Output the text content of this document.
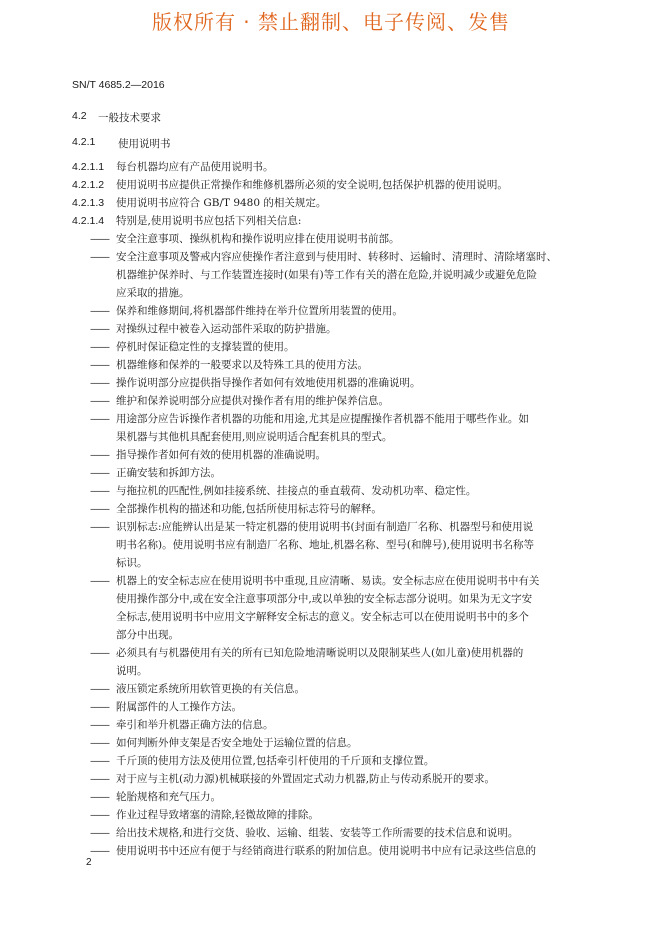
版权所有 · 禁止翻制、电子传阅、发售
SN/T 4685.2—2016
4.2	一般技术要求
4.2.1	使用说明书
4.2.1.1	每台机器均应有产品使用说明书。
4.2.1.2	使用说明书应提供正常操作和维修机器所必须的安全说明,包括保护机器的使用说明。
4.2.1.3	使用说明书应符合 GB/T 9480 的相关规定。
4.2.1.4	特别是,使用说明书应包括下列相关信息:
—— 安全注意事项、操纵机构和操作说明应排在使用说明书前部。
—— 安全注意事项及警戒内容应使操作者注意到与使用时、转移时、运输时、清理时、清除堵塞时、
机器维护保养时、与工作装置连接时(如果有)等工作有关的潜在危险,并说明减少或避免危险
应采取的措施。
—— 保养和维修期间,将机器部件维持在举升位置所用装置的使用。
—— 对操纵过程中被卷入运动部件采取的防护措施。
—— 停机时保证稳定性的支撑装置的使用。
—— 机器维修和保养的一般要求以及特殊工具的使用方法。
—— 操作说明部分应提供指导操作者如何有效地使用机器的准确说明。
—— 维护和保养说明部分应提供对操作者有用的维护保养信息。
—— 用途部分应告诉操作者机器的功能和用途,尤其是应提醒操作者机器不能用于哪些作业。如
果机器与其他机具配套使用,则应说明适合配套机具的型式。
—— 指导操作者如何有效的使用机器的准确说明。
—— 正确安装和拆卸方法。
—— 与拖拉机的匹配性,例如挂接系统、挂接点的垂直载荷、发动机功率、稳定性。
—— 全部操作机构的描述和功能,包括所使用标志符号的解释。
—— 识别标志:应能辨认出是某一特定机器的使用说明书(封面有制造厂名称、机器型号和使用说
明书名称)。使用说明书应有制造厂名称、地址,机器名称、型号(和牌号),使用说明书名称等
标识。
—— 机器上的安全标志应在使用说明书中重现,且应清晰、易读。安全标志应在使用说明书中有关
使用操作部分中,或在安全注意事项部分中,或以单独的安全标志部分说明。如果为无文字安
全标志,使用说明书中应用文字解释安全标志的意义。安全标志可以在使用说明书中的多个
部分中出现。
—— 必须具有与机器使用有关的所有已知危险地清晰说明以及限制某些人(如儿童)使用机器的
说明。
—— 液压锁定系统所用软管更换的有关信息。
—— 附属部件的人工操作方法。
—— 牵引和举升机器正确方法的信息。
—— 如何判断外伸支架是否安全地处于运输位置的信息。
—— 千斤顶的使用方法及使用位置,包括牵引杆使用的千斤顶和支撑位置。
—— 对于应与主机(动力源)机械联接的外置固定式动力机器,防止与传动系脱开的要求。
—— 轮胎规格和充气压力。
—— 作业过程导致堵塞的清除,轻微故障的排除。
—— 给出技术规格,和进行交货、验收、运输、组装、安装等工作所需要的技术信息和说明。
—— 使用说明书中还应有便于与经销商进行联系的附加信息。使用说明书中应有记录这些信息的
2
